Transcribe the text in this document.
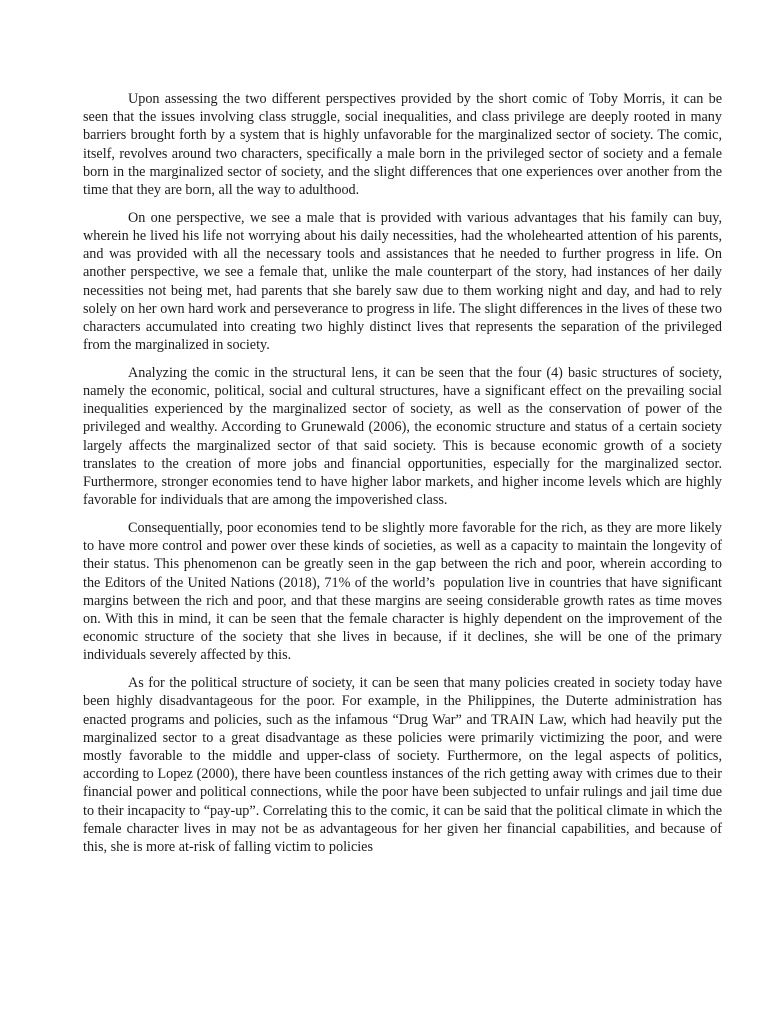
Upon assessing the two different perspectives provided by the short comic of Toby Morris, it can be seen that the issues involving class struggle, social inequalities, and class privilege are deeply rooted in many barriers brought forth by a system that is highly unfavorable for the marginalized sector of society. The comic, itself, revolves around two characters, specifically a male born in the privileged sector of society and a female born in the marginalized sector of society, and the slight differences that one experiences over another from the time that they are born, all the way to adulthood.

On one perspective, we see a male that is provided with various advantages that his family can buy, wherein he lived his life not worrying about his daily necessities, had the wholehearted attention of his parents, and was provided with all the necessary tools and assistances that he needed to further progress in life. On another perspective, we see a female that, unlike the male counterpart of the story, had instances of her daily necessities not being met, had parents that she barely saw due to them working night and day, and had to rely solely on her own hard work and perseverance to progress in life. The slight differences in the lives of these two characters accumulated into creating two highly distinct lives that represents the separation of the privileged from the marginalized in society.

Analyzing the comic in the structural lens, it can be seen that the four (4) basic structures of society, namely the economic, political, social and cultural structures, have a significant effect on the prevailing social inequalities experienced by the marginalized sector of society, as well as the conservation of power of the privileged and wealthy. According to Grunewald (2006), the economic structure and status of a certain society largely affects the marginalized sector of that said society. This is because economic growth of a society translates to the creation of more jobs and financial opportunities, especially for the marginalized sector. Furthermore, stronger economies tend to have higher labor markets, and higher income levels which are highly favorable for individuals that are among the impoverished class.

Consequentially, poor economies tend to be slightly more favorable for the rich, as they are more likely to have more control and power over these kinds of societies, as well as a capacity to maintain the longevity of their status. This phenomenon can be greatly seen in the gap between the rich and poor, wherein according to the Editors of the United Nations (2018), 71% of the world’s  population live in countries that have significant margins between the rich and poor, and that these margins are seeing considerable growth rates as time moves on. With this in mind, it can be seen that the female character is highly dependent on the improvement of the economic structure of the society that she lives in because, if it declines, she will be one of the primary individuals severely affected by this.

As for the political structure of society, it can be seen that many policies created in society today have been highly disadvantageous for the poor. For example, in the Philippines, the Duterte administration has enacted programs and policies, such as the infamous “Drug War” and TRAIN Law, which had heavily put the marginalized sector to a great disadvantage as these policies were primarily victimizing the poor, and were mostly favorable to the middle and upper-class of society. Furthermore, on the legal aspects of politics, according to Lopez (2000), there have been countless instances of the rich getting away with crimes due to their financial power and political connections, while the poor have been subjected to unfair rulings and jail time due to their incapacity to “pay-up”. Correlating this to the comic, it can be said that the political climate in which the female character lives in may not be as advantageous for her given her financial capabilities, and because of this, she is more at-risk of falling victim to policies
